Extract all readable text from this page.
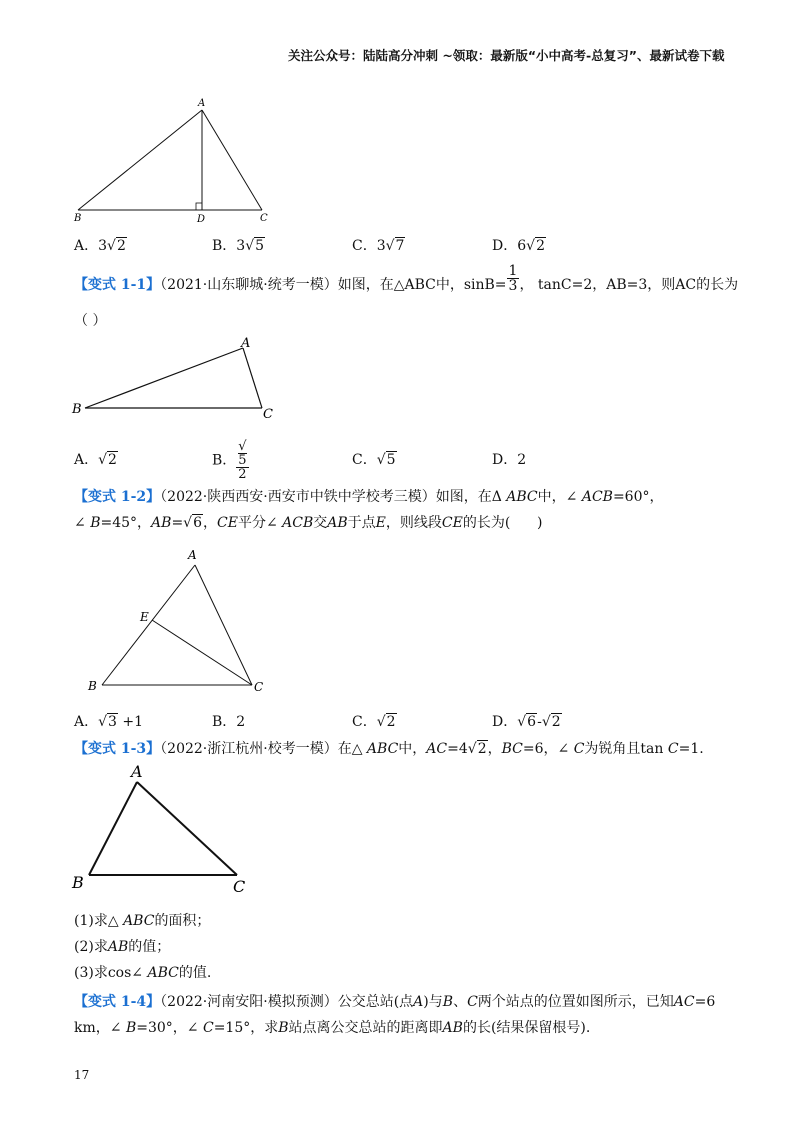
关注公众号：陆陆高分冲刺 ~领取：最新版“小中高考-总复习”、最新试卷下载
A
B	D	C
A．3√2	B．3√5	C．3√7	D．6√2
【变式 1-1】（2021·山东聊城·统考一模）如图，在△ABC中，$\sin B= \frac{1}{3}$ ， tanC=2，AB=3，则AC的长为
（ ）
A
B	C
A．√2	B． √
5
2	C．√5	D．2
【变式 1-2】（2022·陕西西安·西安市中铁中学校考三模）如图，在Δ ABC中，∠ ACB=60°，
∠ B=45°，AB=√6，CE平分∠ ACB交AB于点E，则线段CE的长为(      )
A
E
B	C
A．√3 +1	B．2	C．√2	D．√6-√2
【变式 1-3】（2022·浙江杭州·校考一模）在△ ABC中，AC=4√2，BC=6，∠ C为锐角且tan C=1.
A
B	C
(1)求△ ABC的面积；
(2)求AB的值；
(3)求cos∠ ABC的值.
【变式 1-4】（2022·河南安阳·模拟预测）公交总站(点A)与B、C两个站点的位置如图所示，已知AC=6
km，∠ B=30°，∠ C=15°，求B站点离公交总站的距离即AB的长(结果保留根号).
17
